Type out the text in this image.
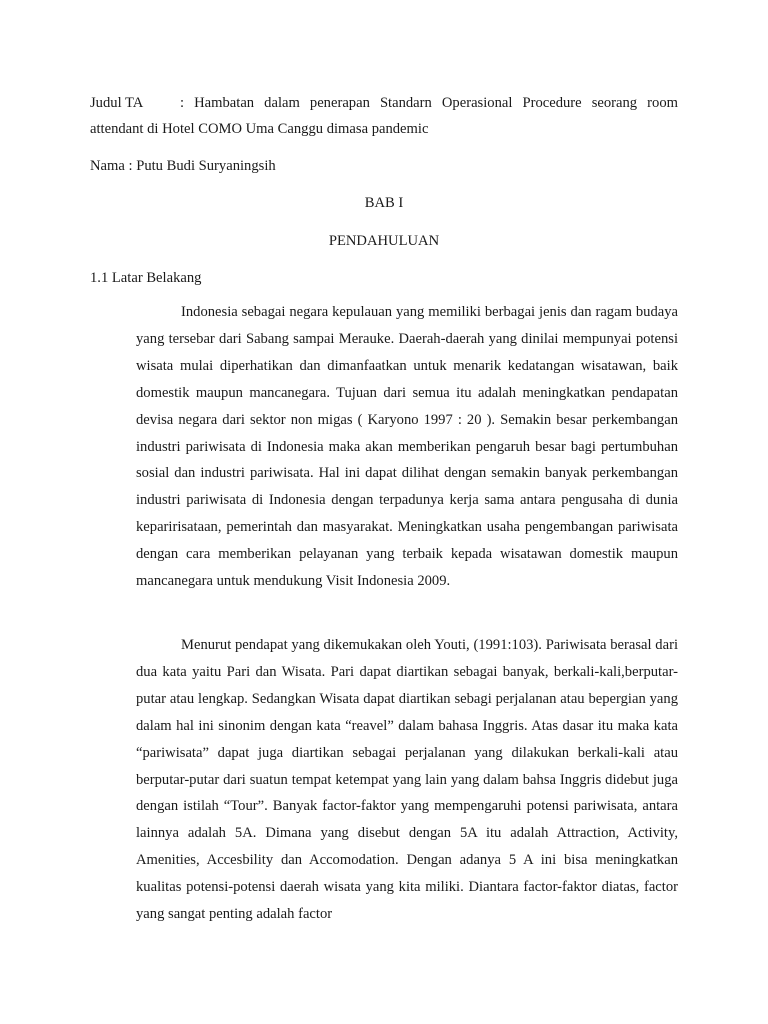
Judul TA	: Hambatan dalam penerapan Standarn Operasional Procedure seorang room attendant di Hotel COMO Uma Canggu dimasa pandemic

Nama : Putu Budi Suryaningsih

BAB I

PENDAHULUAN

1.1 Latar Belakang

Indonesia sebagai negara kepulauan yang memiliki berbagai jenis dan ragam budaya yang tersebar dari Sabang sampai Merauke. Daerah-daerah yang dinilai mempunyai potensi wisata mulai diperhatikan dan dimanfaatkan untuk menarik kedatangan wisatawan, baik domestik maupun mancanegara. Tujuan dari semua itu adalah meningkatkan pendapatan devisa negara dari sektor non migas ( Karyono 1997 : 20 ). Semakin besar perkembangan industri pariwisata di Indonesia maka akan memberikan pengaruh besar bagi pertumbuhan sosial dan industri pariwisata. Hal ini dapat dilihat dengan semakin banyak perkembangan industri pariwisata di Indonesia dengan terpadunya kerja sama antara pengusaha di dunia keparirisataan, pemerintah dan masyarakat. Meningkatkan usaha pengembangan pariwisata dengan cara memberikan pelayanan yang terbaik kepada wisatawan domestik maupun mancanegara untuk mendukung Visit Indonesia 2009.

Menurut pendapat yang dikemukakan oleh Youti, (1991:103). Pariwisata berasal dari dua kata yaitu Pari dan Wisata. Pari dapat diartikan sebagai banyak, berkali-kali,berputar-putar atau lengkap. Sedangkan Wisata dapat diartikan sebagi perjalanan atau bepergian yang dalam hal ini sinonim dengan kata “reavel” dalam bahasa Inggris. Atas dasar itu maka kata “pariwisata” dapat juga diartikan sebagai perjalanan yang dilakukan berkali-kali atau berputar-putar dari suatun tempat ketempat yang lain yang dalam bahsa Inggris didebut juga dengan istilah “Tour”. Banyak factor-faktor yang mempengaruhi potensi pariwisata, antara lainnya adalah 5A. Dimana yang disebut dengan 5A itu adalah Attraction, Activity, Amenities, Accesbility dan Accomodation. Dengan adanya 5 A ini bisa meningkatkan kualitas potensi-potensi daerah wisata yang kita miliki. Diantara factor-faktor diatas, factor yang sangat penting adalah factor
